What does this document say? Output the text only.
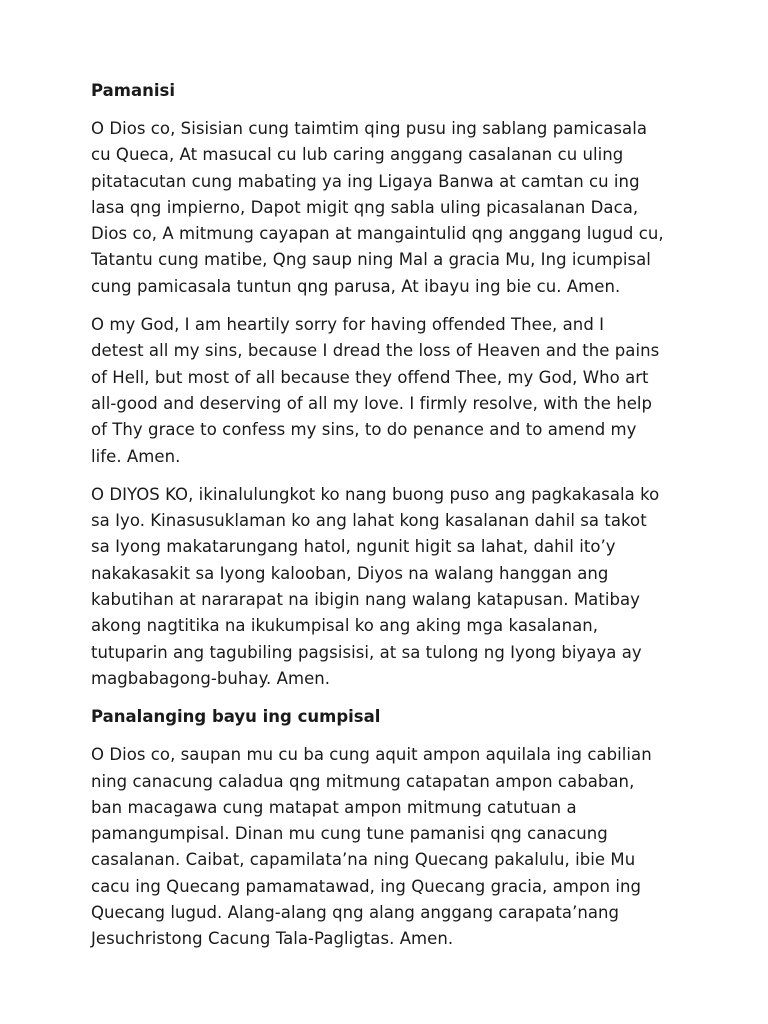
Pamanisi
O Dios co, Sisisian cung taimtim qing pusu ing sablang pamicasala
cu Queca, At masucal cu lub caring anggang casalanan cu uling
pitatacutan cung mabating ya ing Ligaya Banwa at camtan cu ing
lasa qng impierno, Dapot migit qng sabla uling picasalanan Daca,
Dios co, A mitmung cayapan at mangaintulid qng anggang lugud cu,
Tatantu cung matibe, Qng saup ning Mal a gracia Mu, Ing icumpisal
cung pamicasala tuntun qng parusa, At ibayu ing bie cu. Amen.
O my God, I am heartily sorry for having offended Thee, and I
detest all my sins, because I dread the loss of Heaven and the pains
of Hell, but most of all because they offend Thee, my God, Who art
all-good and deserving of all my love. I firmly resolve, with the help
of Thy grace to confess my sins, to do penance and to amend my
life. Amen.
O DIYOS KO, ikinalulungkot ko nang buong puso ang pagkakasala ko
sa Iyo. Kinasusuklaman ko ang lahat kong kasalanan dahil sa takot
sa Iyong makatarungang hatol, ngunit higit sa lahat, dahil ito’y
nakakasakit sa Iyong kalooban, Diyos na walang hanggan ang
kabutihan at nararapat na ibigin nang walang katapusan. Matibay
akong nagtitika na ikukumpisal ko ang aking mga kasalanan,
tutuparin ang tagubiling pagsisisi, at sa tulong ng Iyong biyaya ay
magbabagong-buhay. Amen.
Panalanging bayu ing cumpisal
O Dios co, saupan mu cu ba cung aquit ampon aquilala ing cabilian
ning canacung caladua qng mitmung catapatan ampon cababan,
ban macagawa cung matapat ampon mitmung catutuan a
pamangumpisal. Dinan mu cung tune pamanisi qng canacung
casalanan. Caibat, capamilata’na ning Quecang pakalulu, ibie Mu
cacu ing Quecang pamamatawad, ing Quecang gracia, ampon ing
Quecang lugud. Alang-alang qng alang anggang carapata’nang
Jesuchristong Cacung Tala-Pagligtas. Amen.
